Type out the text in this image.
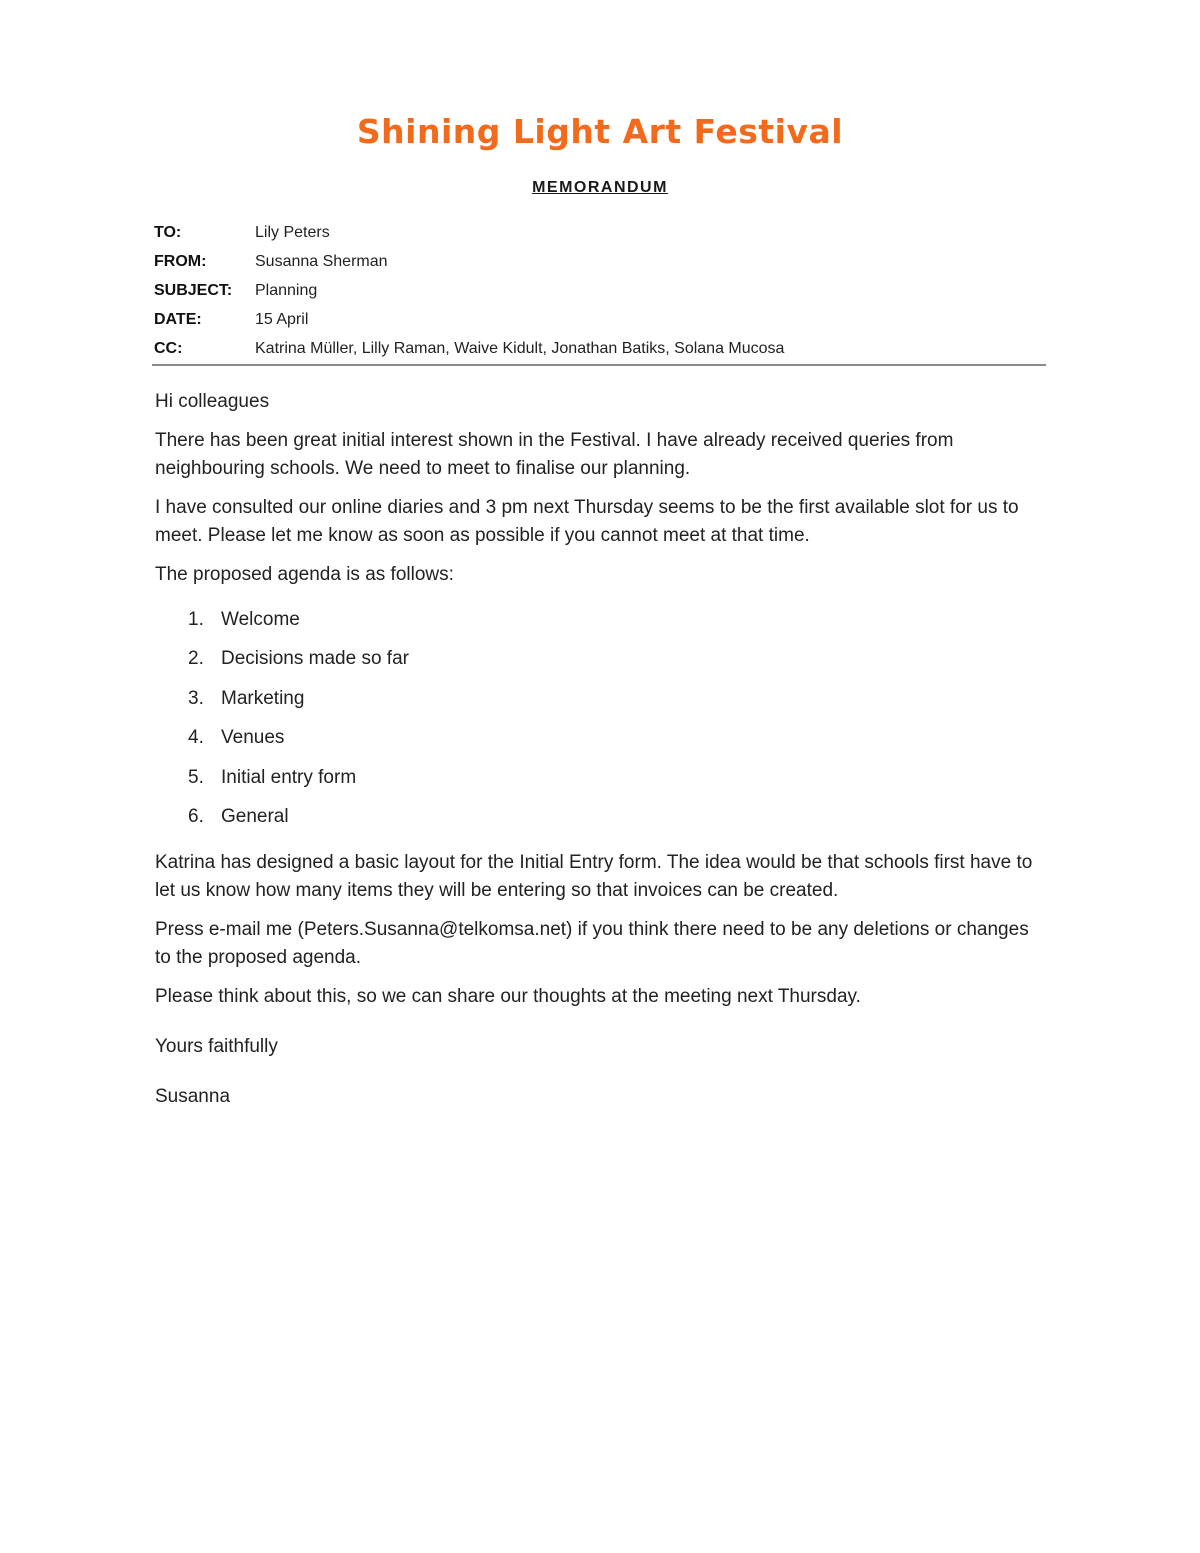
Shining Light Art Festival
MEMORANDUM
TO:	Lily Peters
FROM:	Susanna Sherman
SUBJECT:	Planning
DATE:	15 April
CC:	Katrina Müller, Lilly Raman, Waive Kidult, Jonathan Batiks, Solana Mucosa

Hi colleagues

There has been great initial interest shown in the Festival. I have already received queries from neighbouring schools. We need to meet to finalise our planning.

I have consulted our online diaries and 3 pm next Thursday seems to be the first available slot for us to meet. Please let me know as soon as possible if you cannot meet at that time.

The proposed agenda is as follows:

1. Welcome
2. Decisions made so far
3. Marketing
4. Venues
5. Initial entry form
6. General

Katrina has designed a basic layout for the Initial Entry form. The idea would be that schools first have to let us know how many items they will be entering so that invoices can be created.

Press e-mail me (Peters.Susanna@telkomsa.net) if you think there need to be any deletions or changes to the proposed agenda.

Please think about this, so we can share our thoughts at the meeting next Thursday.

Yours faithfully

Susanna
